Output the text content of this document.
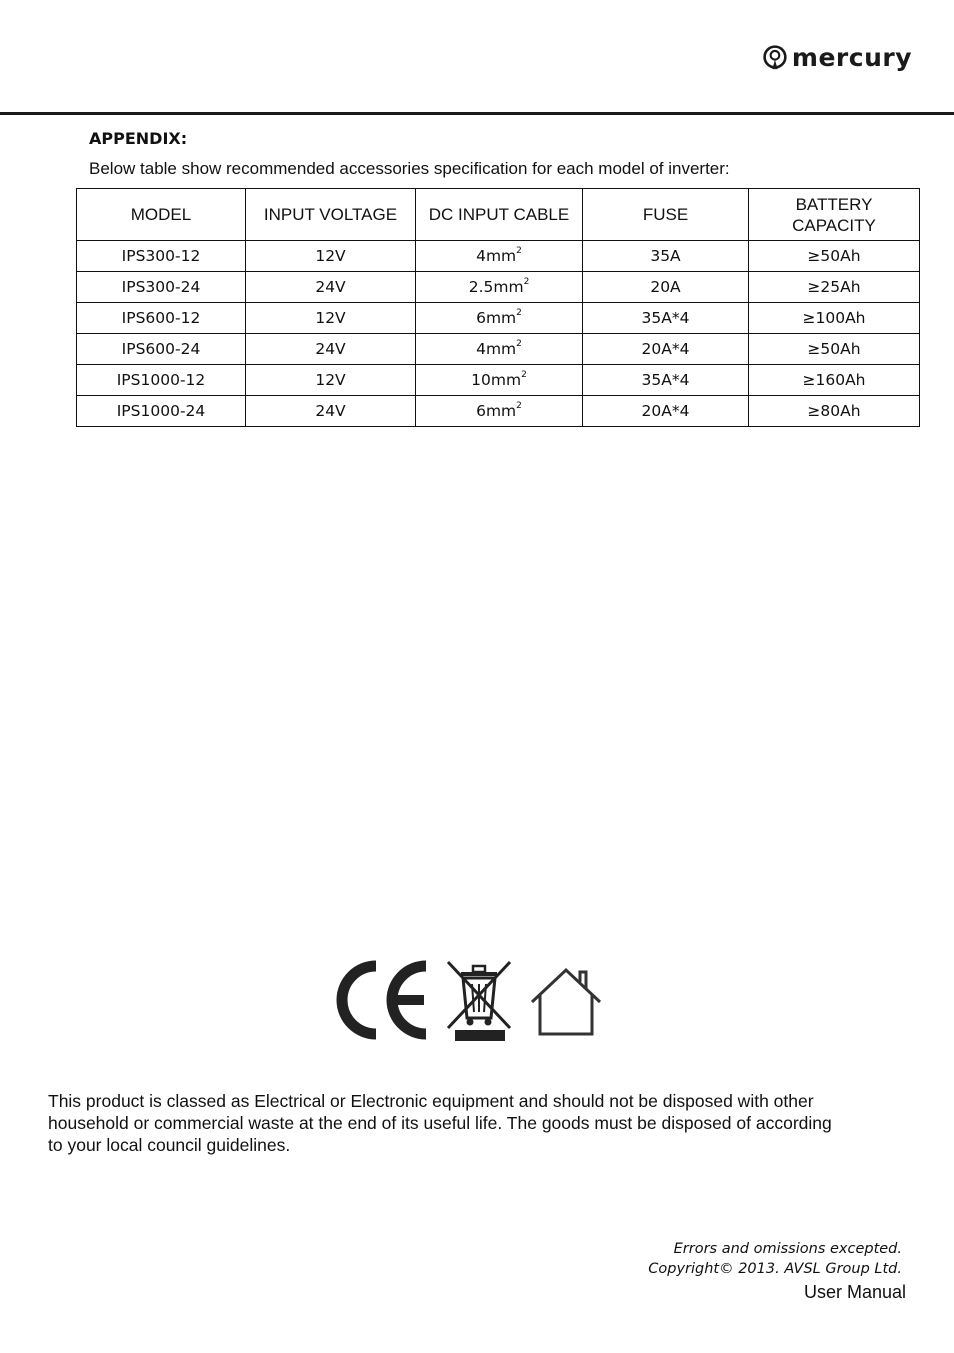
mercury
APPENDIX:
Below table show recommended accessories specification for each model of inverter:
MODEL	INPUT VOLTAGE	DC INPUT CABLE	FUSE	BATTERY
CAPACITY
IPS300-12	12V	$4mm^2$	35A	≥50Ah
IPS300-24	24V	$2.5mm^2$	20A	≥25Ah
IPS600-12	12V	$6mm^2$	35A*4	≥100Ah
IPS600-24	24V	$4mm^2$	20A*4	≥50Ah
IPS1000-12	12V	$10mm^2$	35A*4	≥160Ah
IPS1000-24	24V	$6mm^2$	20A*4	≥80Ah

This product is classed as Electrical or Electronic equipment and should not be disposed with other

household or commercial waste at the end of its useful life. The goods must be disposed of according

to your local council guidelines.

Errors and omissions excepted.

Copyright© 2013. AVSL Group Ltd.

User Manual
